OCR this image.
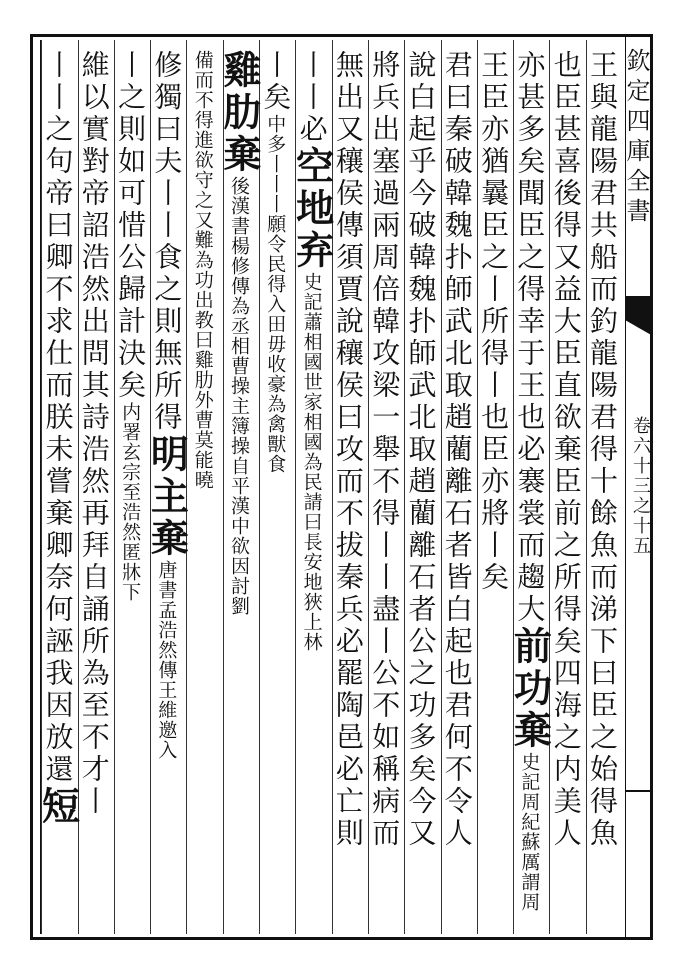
王與龍陽君共船而釣龍陽君得十餘魚而涕下曰臣之始得魚
也臣甚喜後得又益大臣直欲棄臣前之所得矣四海之内美人
亦甚多矣聞臣之得幸于王也必褰裳而趨大前功棄史記周紀蘇厲謂周
王臣亦猶曩臣之丨所得丨也臣亦將丨矣
君曰秦破韓魏扑師武北取趙藺離石者皆白起也君何不令人
說白起乎今破韓魏扑師武北取趙藺離石者公之功多矣今又
將兵出塞過兩周倍韓攻梁一舉不得丨丨盡丨公不如稱病而
無出又穰侯傳須賈說穰侯曰攻而不拔秦兵必罷陶邑必亡則
丨丨必空地弃史記蕭相國世家相國為民請曰長安地狹上林
丨矣中多丨丨丨願令民得入田毋收豪為禽獸食
雞肋棄後漢書楊修傳為丞相曹操主簿操自平漢中欲因討劉
備而不得進欲守之又難為功出教曰雞肋外曹莫能曉
修獨曰夫丨丨食之則無所得明主棄唐書孟浩然傳王維邀入
丨之則如可惜公歸計決矣内署玄宗至浩然匿牀下
維以實對帝詔浩然出問其詩浩然再拜自誦所為至不才丨
丨丨之句帝曰卿不求仕而朕未嘗棄卿奈何誣我因放還短
欽定四庫全書
卷六十三之十五
